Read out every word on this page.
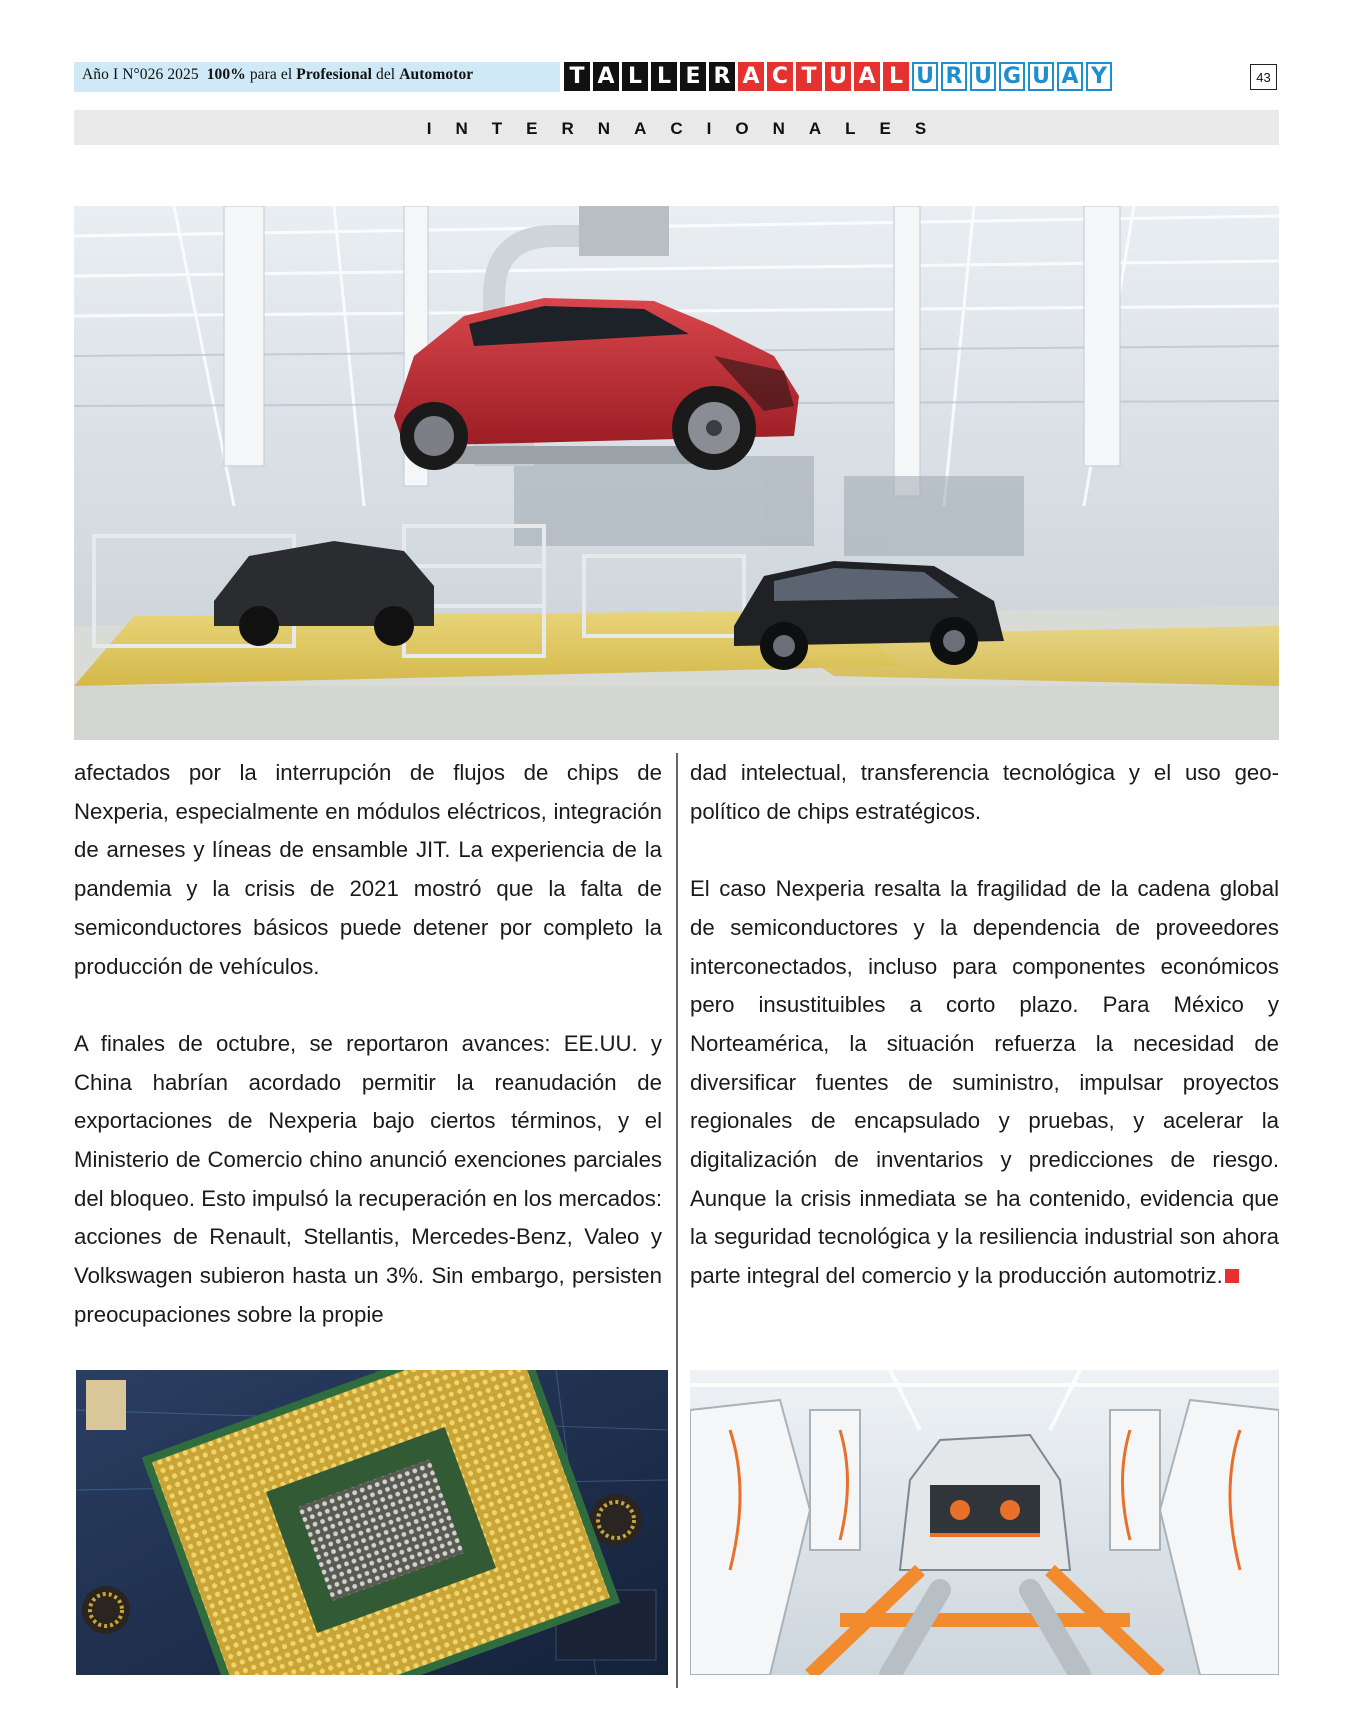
Año I N°026 2025 100% para el Profesional del Automotor	T A L L E R A C T U A L U R U G U A Y	43
INTERNACIONALES

afectados por la interrupción de flujos de chips de Nexperia, especialmente en módulos eléctricos, integración de arneses y líneas de ensamble JIT. La experiencia de la pandemia y la crisis de 2021 mostró que la falta de semiconductores básicos puede detener por completo la producción de vehículos.

A finales de octubre, se reportaron avances: EE.UU. y China habrían acordado permitir la reanudación de exportaciones de Nexperia bajo ciertos términos, y el Ministerio de Comercio chino anunció exenciones parciales del bloqueo. Esto impulsó la recuperación en los mercados: acciones de Renault, Stellantis, Mercedes-Benz, Valeo y Volkswagen subieron hasta un 3%. Sin embargo, persisten preocupaciones sobre la propie

dad intelectual, transferencia tecnológica y el uso geopolítico de chips estratégicos.

El caso Nexperia resalta la fragilidad de la cadena global de semiconductores y la dependencia de proveedores interconectados, incluso para componentes económicos pero insustituibles a corto plazo. Para México y Norteamérica, la situación refuerza la necesidad de diversificar fuentes de suministro, impulsar proyectos regionales de encapsulado y pruebas, y acelerar la digitalización de inventarios y predicciones de riesgo. Aunque la crisis inmediata se ha contenido, evidencia que la seguridad tecnológica y la resiliencia industrial son ahora parte integral del comercio y la producción automotriz.
